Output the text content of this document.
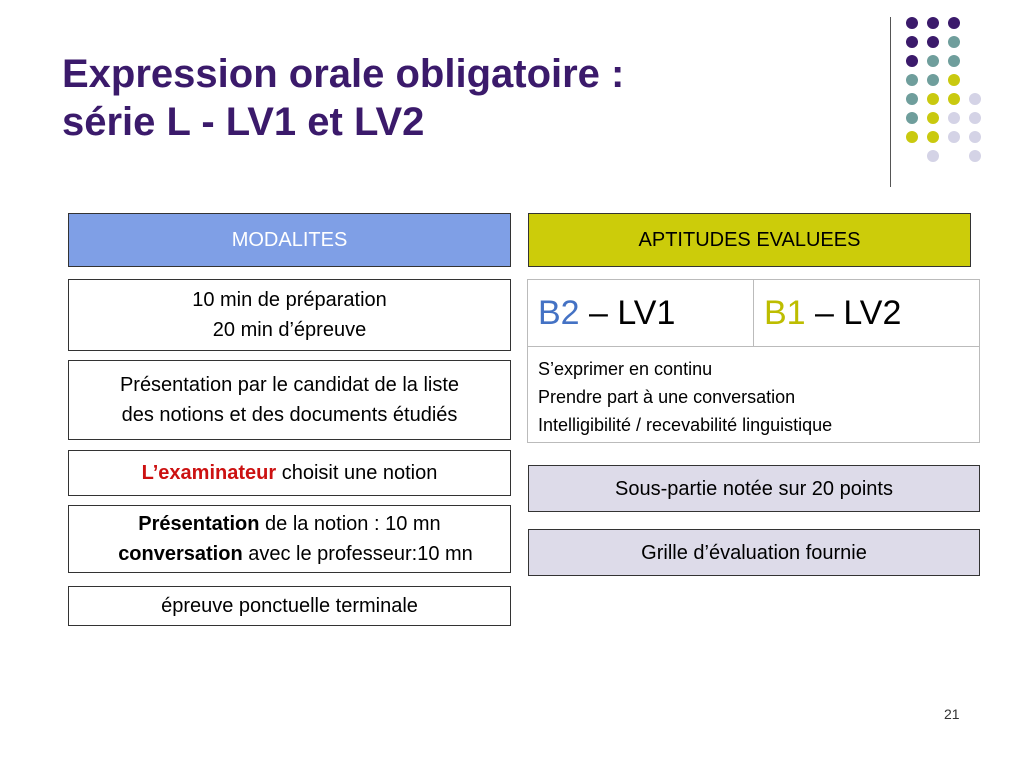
Expression orale obligatoire :
série L - LV1 et LV2
MODALITES
10 min de préparation
20 min d’épreuve
Présentation par le candidat de la liste
des notions et des documents étudiés
L’examinateur choisit une notion
Présentation de la notion : 10 mn
conversation avec le professeur:10 mn
épreuve ponctuelle terminale
APTITUDES EVALUEES
B2 – LV1	B1 – LV2
S’exprimer en continu
Prendre part à une conversation
Intelligibilité / recevabilité linguistique
Sous-partie notée sur 20 points
Grille d’évaluation fournie
21
